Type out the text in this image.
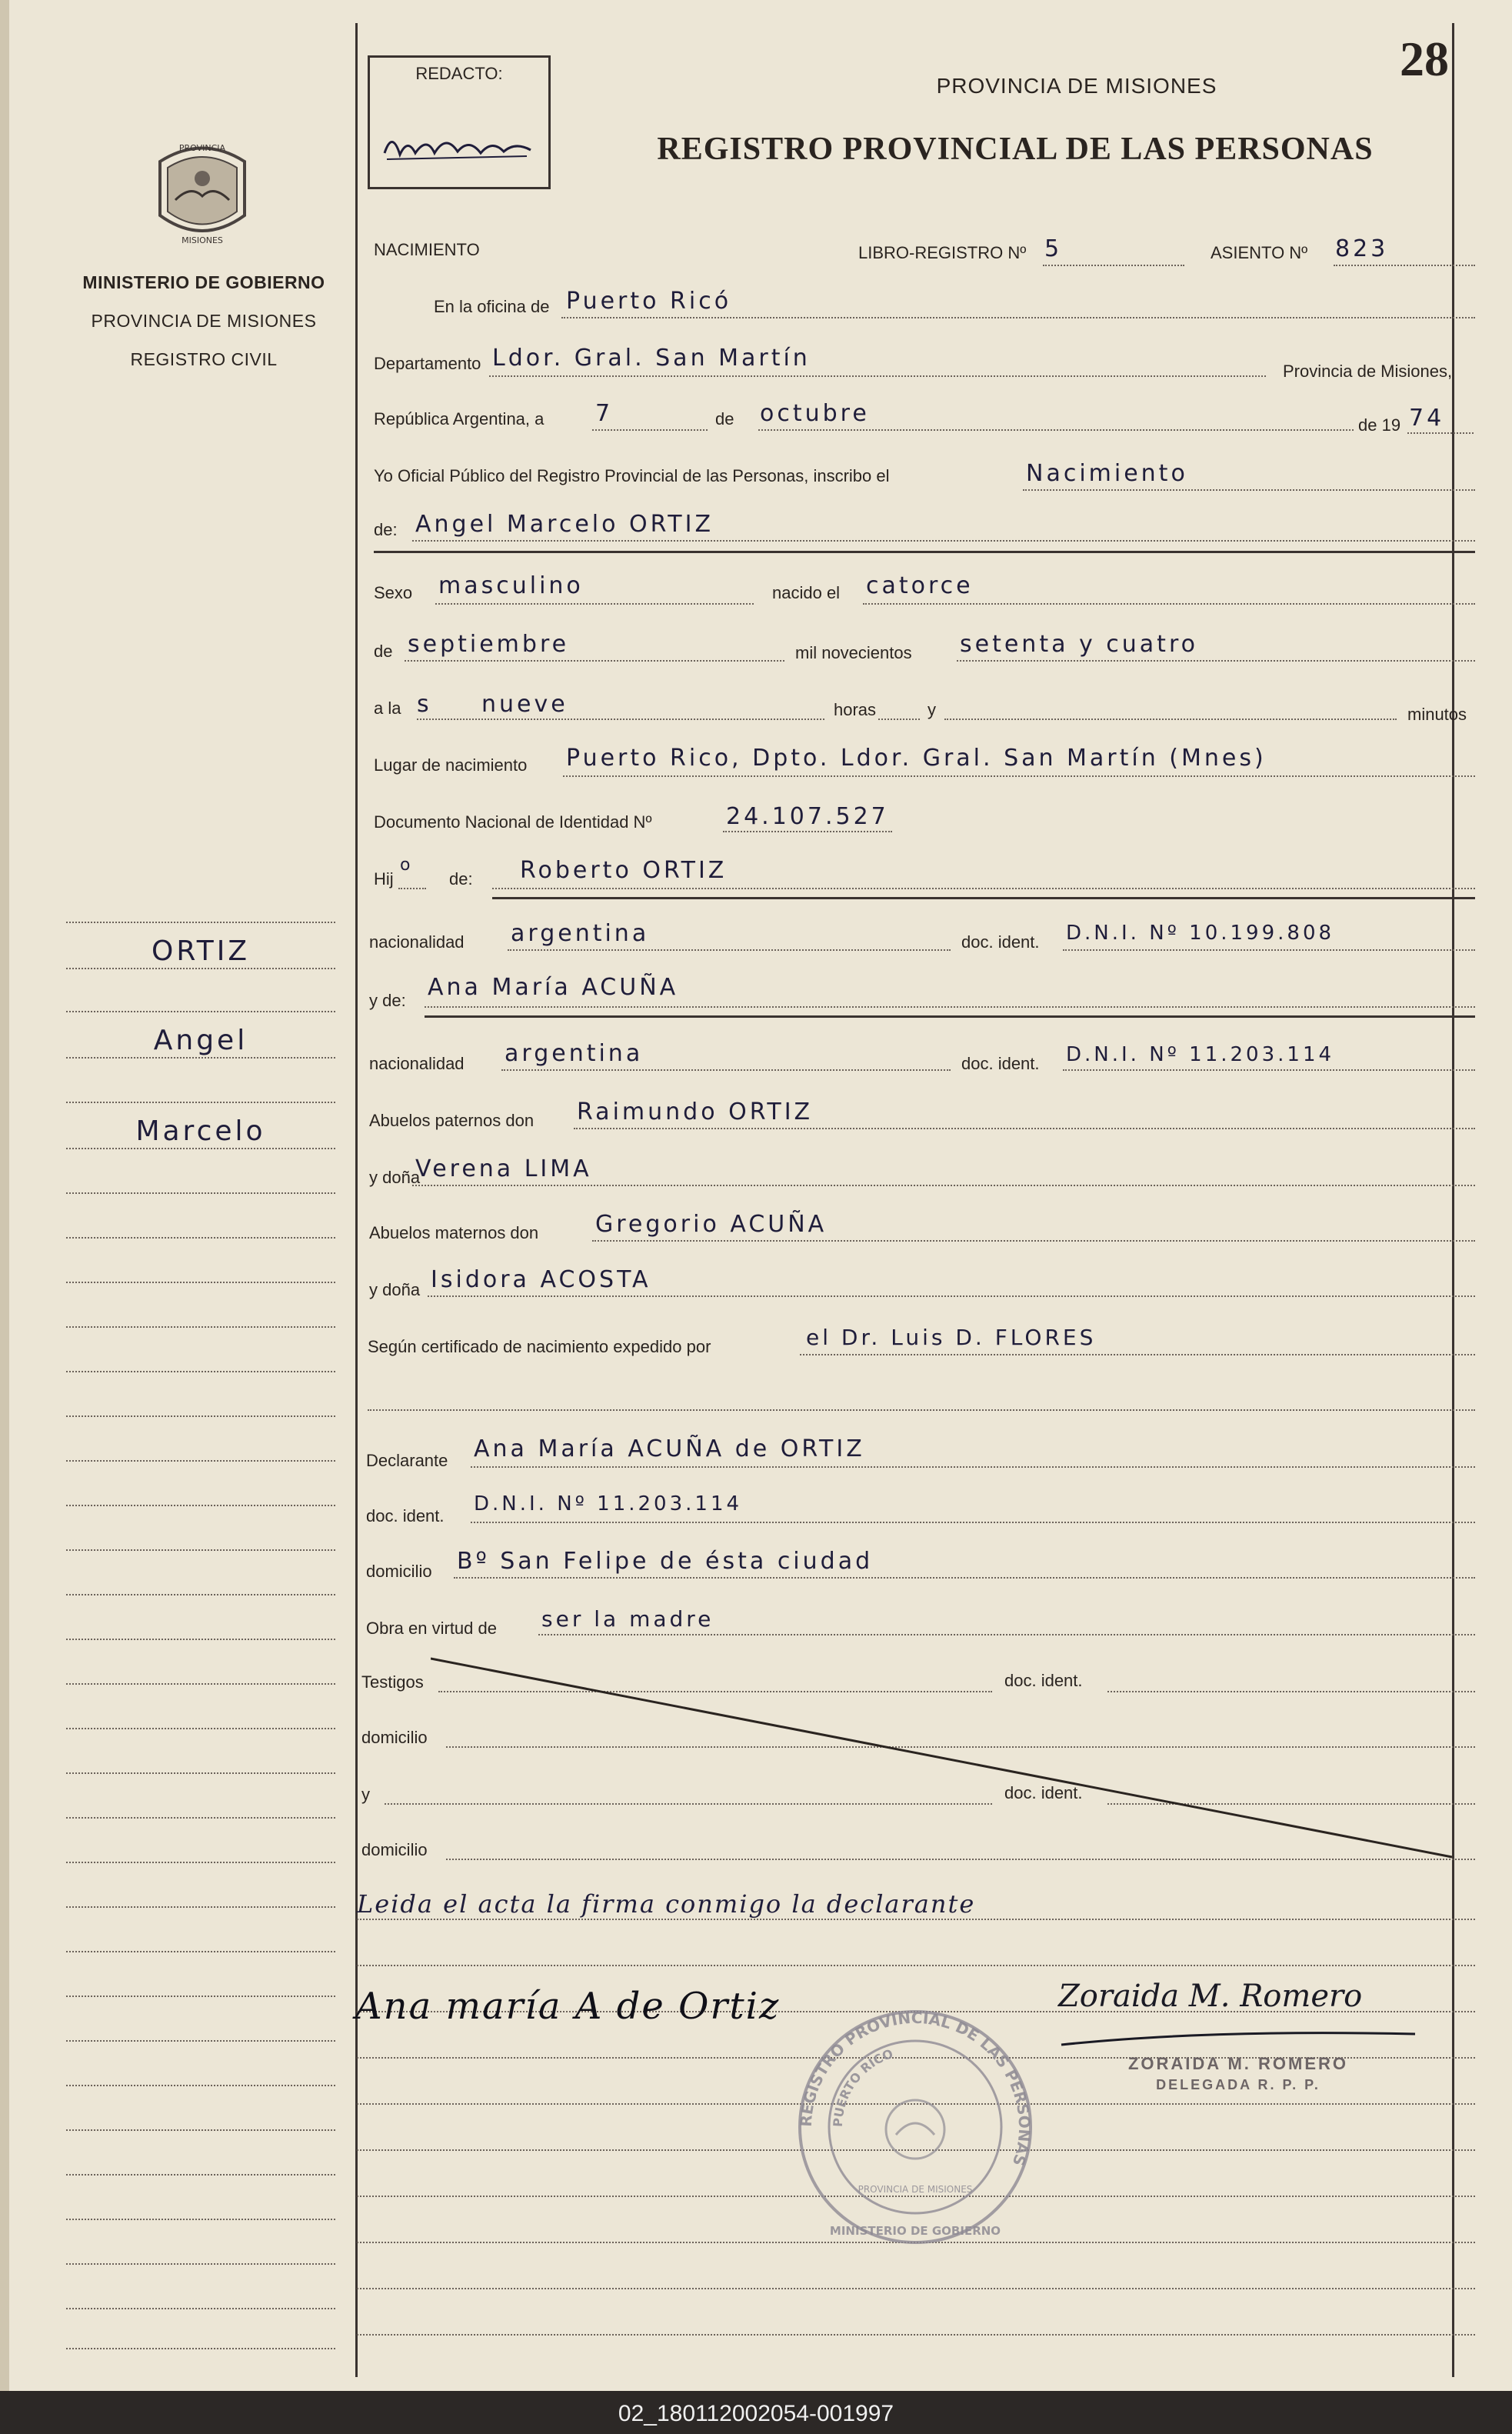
PROVINCIA
MISIONES
MINISTERIO DE GOBIERNO
PROVINCIA DE MISIONES
REGISTRO CIVIL
ORTIZ
Angel
Marcelo
REDACTO:
PROVINCIA DE MISIONES
REGISTRO PROVINCIAL DE LAS PERSONAS
28
NACIMIENTO	LIBRO-REGISTRO Nº 5	ASIENTO Nº 823
En la oficina de Puerto Ricó
Departamento Ldor. Gral. San Martín	Provincia de Misiones,
República Argentina, a 7	de octubre	de 19 74
Yo Oficial Público del Registro Provincial de las Personas, inscribo el	Nacimiento
de: Angel Marcelo ORTIZ
Sexo masculino	nacido el catorce
de septiembre	mil novecientos setenta y cuatro
a la s nueve	horas	y	minutos
Lugar de nacimiento Puerto Rico, Dpto. Ldor. Gral. San Martín (Mnes)
Documento Nacional de Identidad Nº	24.107.527
Hij
o
de: Roberto ORTIZ
nacionalidad argentina	doc. ident. D.N.I. Nº 10.199.808
y de: Ana María ACUÑA
nacionalidad argentina	doc. ident. D.N.I. Nº 11.203.114
Abuelos paternos don Raimundo ORTIZ
y doña
Verena LIMA
Abuelos maternos don Gregorio ACUÑA
y doña Isidora ACOSTA
Según certificado de nacimiento expedido por	el Dr. Luis D. FLORES
Declarante Ana María ACUÑA de ORTIZ
doc. ident.
D.N.I. Nº 11.203.114
domicilio Bº San Felipe de ésta ciudad
Obra en virtud de ser la madre
Testigos	doc. ident.
domicilio
y	doc. ident.
domicilio
Leida el acta la firma conmigo la declarante
Ana maría A de Ortiz	Zoraida M. Romero
ZORAIDA M. ROMERO
DELEGADA R. P. P.
REGISTRO PROVINCIAL DE LAS PERSONAS
PUERTO RICO
MINISTERIO DE GOBIERNO
PROVINCIA DE MISIONES
02_180112002054-001997
